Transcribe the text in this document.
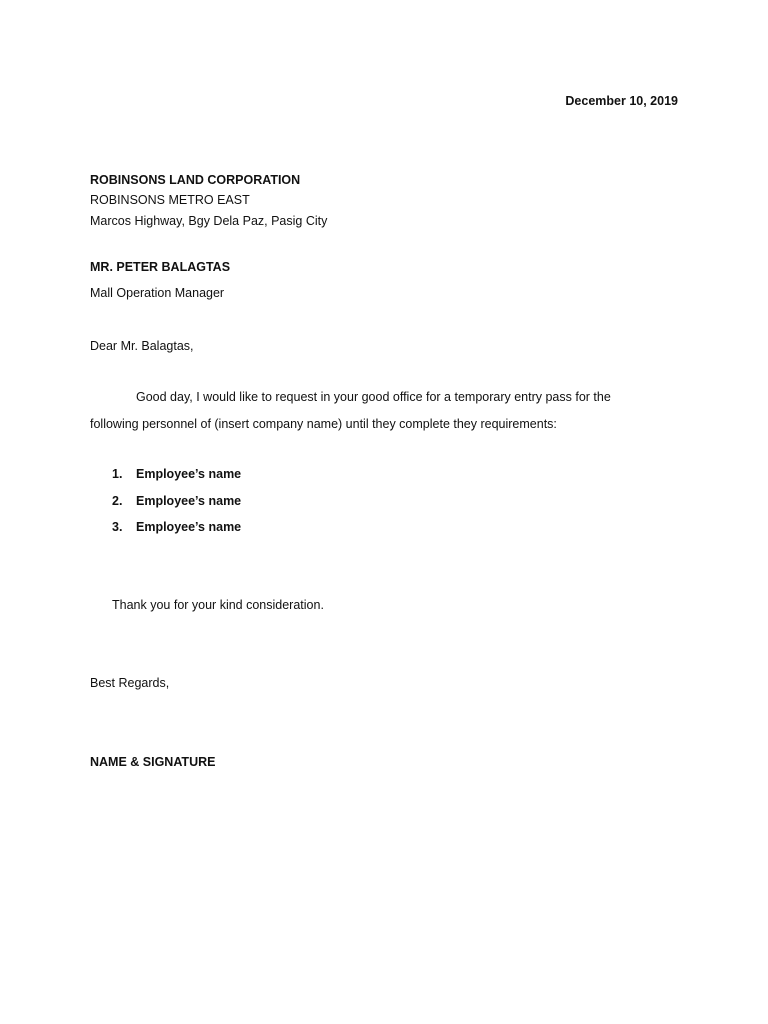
December 10, 2019
ROBINSONS LAND CORPORATION
ROBINSONS METRO EAST
Marcos Highway, Bgy Dela Paz, Pasig City
MR. PETER BALAGTAS
Mall Operation Manager
Dear Mr. Balagtas,
Good day, I would like to request in your good office for a temporary entry pass for the
following personnel of (insert company name) until they complete they requirements:
1. Employee’s name
2. Employee’s name
3. Employee’s name
Thank you for your kind consideration.
Best Regards,
NAME & SIGNATURE
